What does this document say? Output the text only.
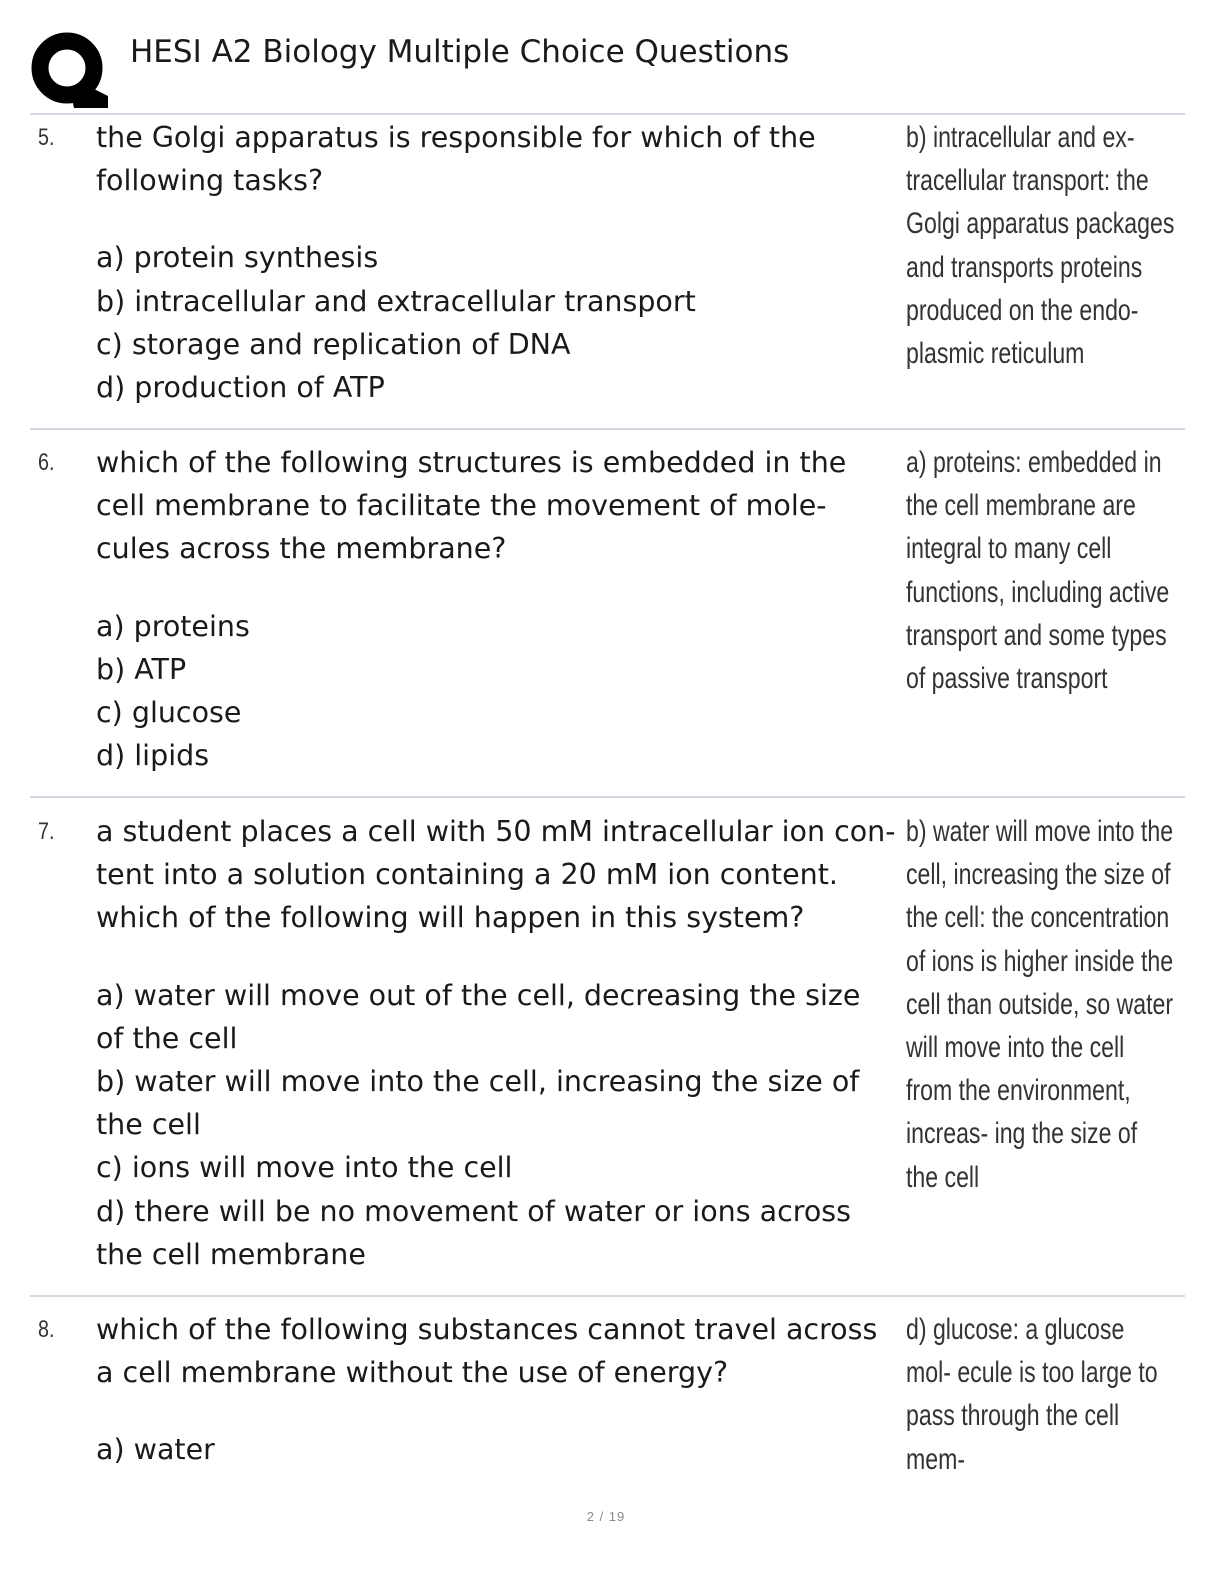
HESI A2 Biology Multiple Choice Questions
5. the Golgi apparatus is responsible for which of the following tasks?

a) protein synthesis
b) intracellular and extracellular transport
c) storage and replication of DNA
d) production of ATP
b) intracellular and ex- tracellular transport: the Golgi apparatus packages and transports proteins produced on the endo- plasmic reticulum
6. which of the following structures is embedded in the cell membrane to facilitate the movement of mole- cules across the membrane?

a) proteins
b) ATP
c) glucose
d) lipids
a) proteins: embedded in the cell membrane are integral to many cell functions, including active transport and some types of passive transport
7. a student places a cell with 50 mM intracellular ion con- tent into a solution containing a 20 mM ion content. which of the following will happen in this system?

a) water will move out of the cell, decreasing the size of the cell
b) water will move into the cell, increasing the size of the cell
c) ions will move into the cell
d) there will be no movement of water or ions across the cell membrane
b) water will move into the cell, increasing the size of the cell: the concentration of ions is higher inside the cell than outside, so water will move into the cell from the environment, increas- ing the size of the cell
8. which of the following substances cannot travel across a cell membrane without the use of energy?

a) water
d) glucose: a glucose mol- ecule is too large to pass through the cell mem-
2 / 19
